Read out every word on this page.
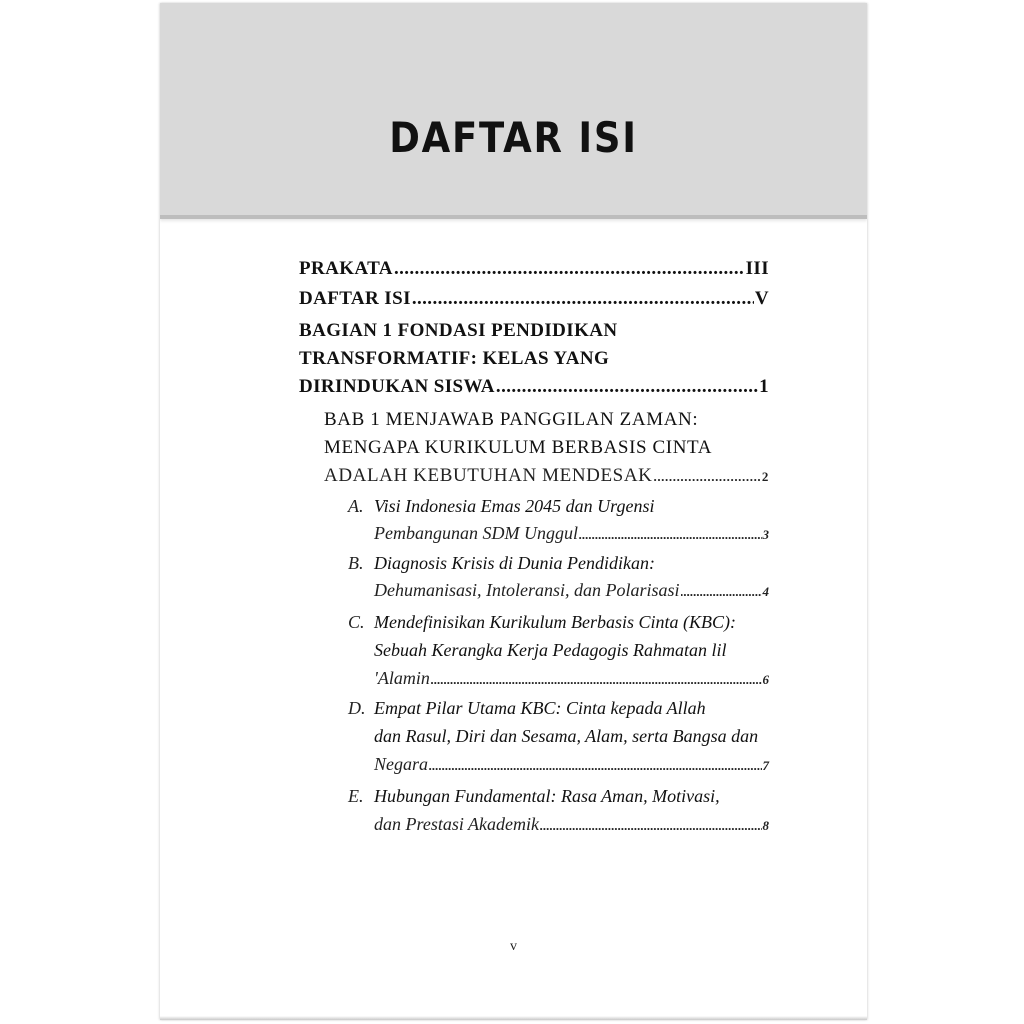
DAFTAR ISI
PRAKATA .....	III
DAFTAR ISI .....	V
BAGIAN 1 FONDASI PENDIDIKAN
TRANSFORMATIF: KELAS YANG
DIRINDUKAN SISWA .....	1
BAB 1 MENJAWAB PANGGILAN ZAMAN:
MENGAPA KURIKULUM BERBASIS CINTA
ADALAH KEBUTUHAN MENDESAK .....	2
A. Visi Indonesia Emas 2045 dan Urgensi
Pembangunan SDM Unggul .....	3
B. Diagnosis Krisis di Dunia Pendidikan:
Dehumanisasi, Intoleransi, dan Polarisasi .....	4
C. Mendefinisikan Kurikulum Berbasis Cinta (KBC):
Sebuah Kerangka Kerja Pedagogis Rahmatan lil
'Alamin .....	6
D. Empat Pilar Utama KBC: Cinta kepada Allah
dan Rasul, Diri dan Sesama, Alam, serta Bangsa dan
Negara .....	7
E. Hubungan Fundamental: Rasa Aman, Motivasi,
dan Prestasi Akademik .....	8
v
